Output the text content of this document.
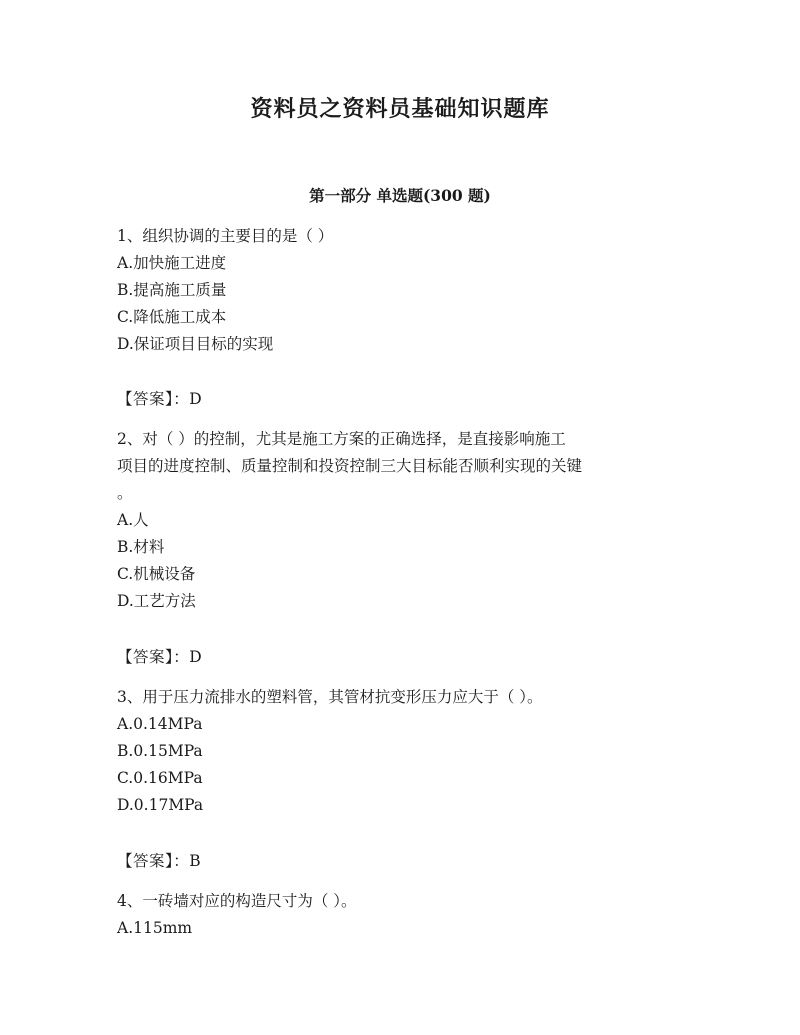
资料员之资料员基础知识题库
第一部分 单选题(300 题)
1、组织协调的主要目的是（ ）
A.加快施工进度
B.提高施工质量
C.降低施工成本
D.保证项目目标的实现
【答案】：D
2、对（ ）的控制，尤其是施工方案的正确选择，是直接影响施工
项目的进度控制、质量控制和投资控制三大目标能否顺利实现的关键
。
A.人
B.材料
C.机械设备
D.工艺方法
【答案】：D
3、用于压力流排水的塑料管，其管材抗变形压力应大于（ ）。
A.0.14MPa
B.0.15MPa
C.0.16MPa
D.0.17MPa
【答案】：B
4、一砖墙对应的构造尺寸为（ ）。
A.115mm
